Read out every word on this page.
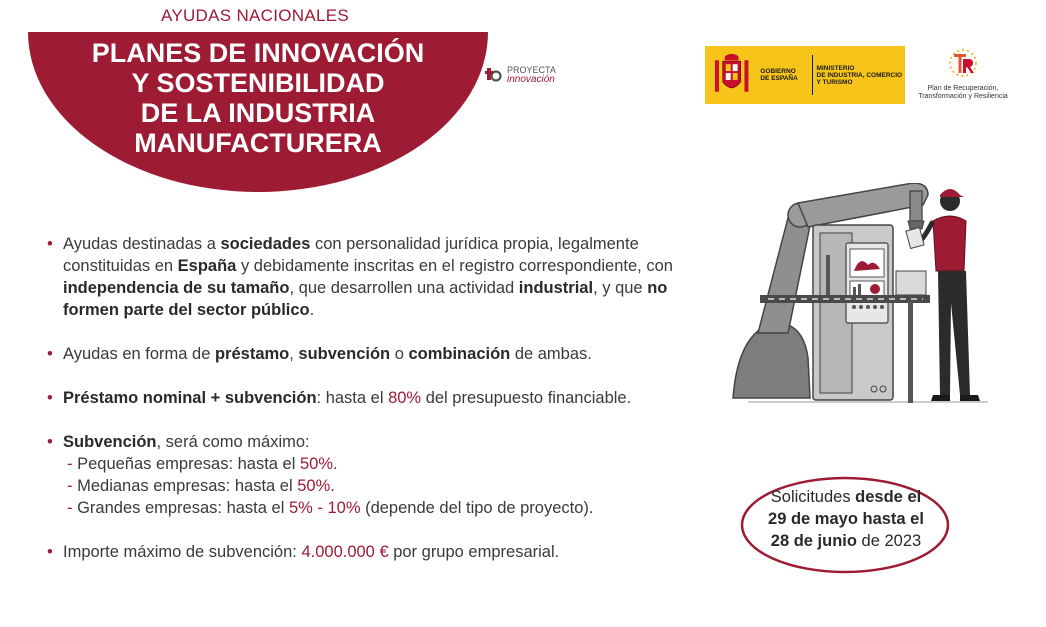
AYUDAS NACIONALES
PLANES DE INNOVACIÓN
Y SOSTENIBILIDAD
DE LA INDUSTRIA
MANUFACTURERA
PROYECTA
innovación
GOBIERNO
DE ESPAÑA
MINISTERIO
DE INDUSTRIA, COMERCIO
Y TURISMO
Plan de Recuperación,
Transformación y Resiliencia
• Ayudas destinadas a sociedades con personalidad jurídica propia, legalmente constituidas en España y debidamente inscritas en el registro correspondiente, con independencia de su tamaño, que desarrollen una actividad industrial, y que no formen parte del sector público.
• Ayudas en forma de préstamo, subvención o combinación de ambas.
• Préstamo nominal + subvención: hasta el 80% del presupuesto financiable.
• Subvención, será como máximo:
- Pequeñas empresas: hasta el 50%.
- Medianas empresas: hasta el 50%.
- Grandes empresas: hasta el 5% - 10% (depende del tipo de proyecto).
• Importe máximo de subvención: 4.000.000 € por grupo empresarial.
Solicitudes desde el
29 de mayo hasta el
28 de junio de 2023
